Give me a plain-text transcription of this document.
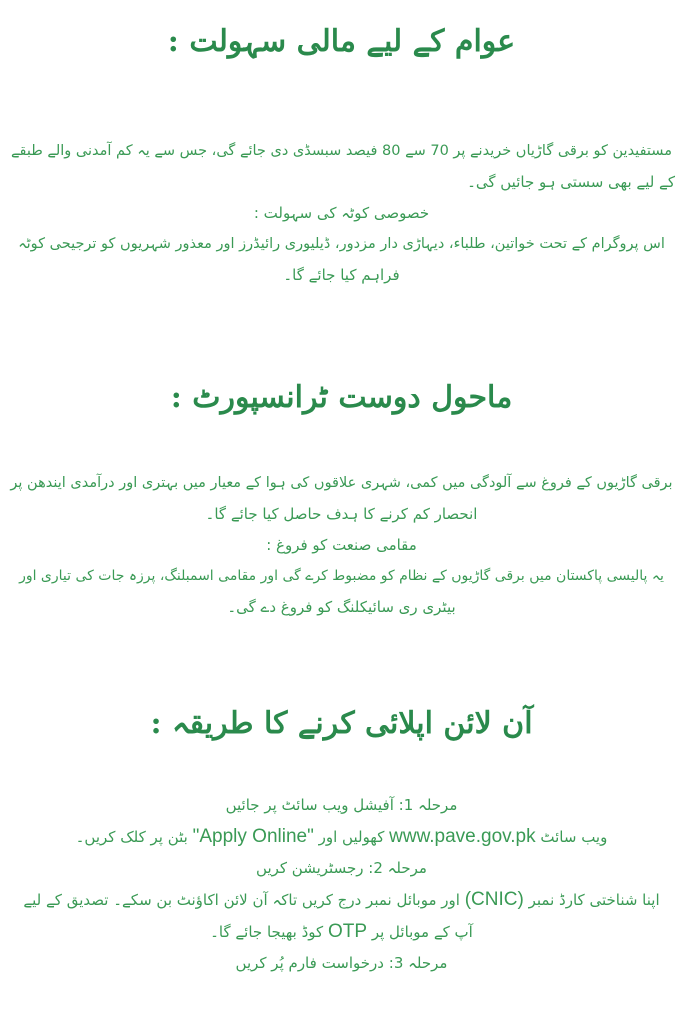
عوام کے لیے مالی سہولت :

مستفیدین کو برقی گاڑیاں خریدنے پر 70 سے 80 فیصد سبسڈی دی جائے گی، جس سے یہ کم آمدنی والے طبقے

کے لیے بھی سستی ہو جائیں گی۔

خصوصی کوٹہ کی سہولت :

اس پروگرام کے تحت خواتین، طلباء، دیہاڑی دار مزدور، ڈیلیوری رائیڈرز اور معذور شہریوں کو ترجیحی کوٹہ

فراہم کیا جائے گا۔

ماحول دوست ٹرانسپورٹ :

برقی گاڑیوں کے فروغ سے آلودگی میں کمی، شہری علاقوں کی ہوا کے معیار میں بہتری اور درآمدی ایندھن پر

انحصار کم کرنے کا ہدف حاصل کیا جائے گا۔

مقامی صنعت کو فروغ :

یہ پالیسی پاکستان میں برقی گاڑیوں کے نظام کو مضبوط کرے گی اور مقامی اسمبلنگ، پرزہ جات کی تیاری اور

بیٹری ری سائیکلنگ کو فروغ دے گی۔

آن لائن اپلائی کرنے کا طریقہ :

مرحلہ 1: آفیشل ویب سائٹ پر جائیں

ویب سائٹ www.pave.gov.pk کھولیں اور "Apply Online" بٹن پر کلک کریں۔

مرحلہ 2: رجسٹریشن کریں

اپنا شناختی کارڈ نمبر (CNIC) اور موبائل نمبر درج کریں تاکہ آن لائن اکاؤنٹ بن سکے۔ تصدیق کے لیے

آپ کے موبائل پر OTP کوڈ بھیجا جائے گا۔

مرحلہ 3: درخواست فارم پُر کریں
